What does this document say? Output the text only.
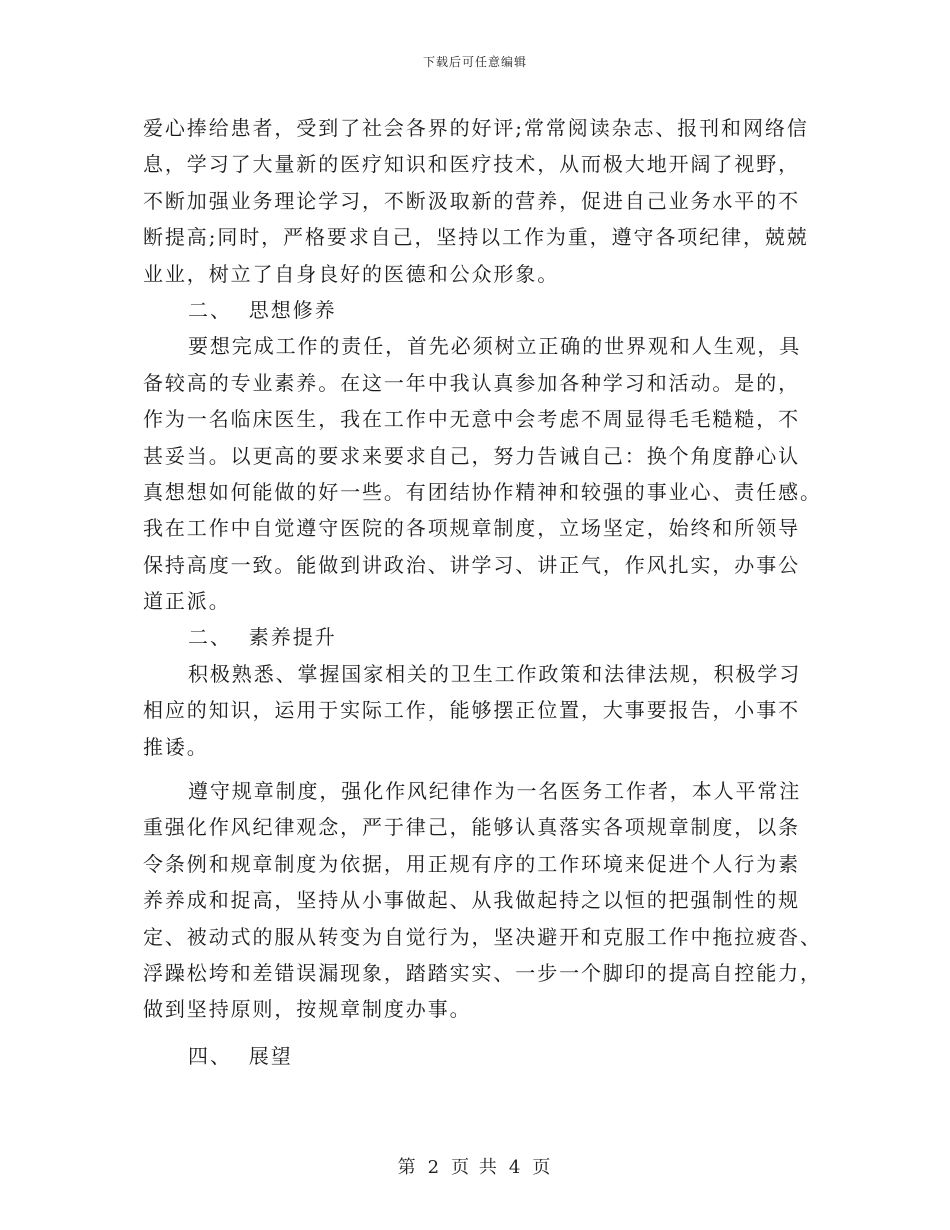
下载后可任意编辑
爱心捧给患者，受到了社会各界的好评;常常阅读杂志、报刊和网络信
息，学习了大量新的医疗知识和医疗技术，从而极大地开阔了视野，
不断加强业务理论学习，不断汲取新的营养，促进自己业务水平的不
断提高;同时，严格要求自己，坚持以工作为重，遵守各项纪律，兢兢
业业，树立了自身良好的医德和公众形象。
二、  思想修养
要想完成工作的责任，首先必须树立正确的世界观和人生观，具
备较高的专业素养。在这一年中我认真参加各种学习和活动。是的，
作为一名临床医生，我在工作中无意中会考虑不周显得毛毛糙糙，不
甚妥当。以更高的要求来要求自己，努力告诫自己：换个角度静心认
真想想如何能做的好一些。有团结协作精神和较强的事业心、责任感。
我在工作中自觉遵守医院的各项规章制度，立场坚定，始终和所领导
保持高度一致。能做到讲政治、讲学习、讲正气，作风扎实，办事公
道正派。
二、  素养提升
积极熟悉、掌握国家相关的卫生工作政策和法律法规，积极学习
相应的知识，运用于实际工作，能够摆正位置，大事要报告，小事不
推诿。
遵守规章制度，强化作风纪律作为一名医务工作者，本人平常注
重强化作风纪律观念，严于律己，能够认真落实各项规章制度，以条
令条例和规章制度为依据，用正规有序的工作环境来促进个人行为素
养养成和捉高，坚持从小事做起、从我做起持之以恒的把强制性的规
定、被动式的服从转变为自觉行为，坚决避开和克服工作中拖拉疲沓、
浮躁松垮和差错误漏现象，踏踏实实、一步一个脚印的提高自控能力，
做到坚持原则，按规章制度办事。
四、  展望
第 2 页 共 4 页
